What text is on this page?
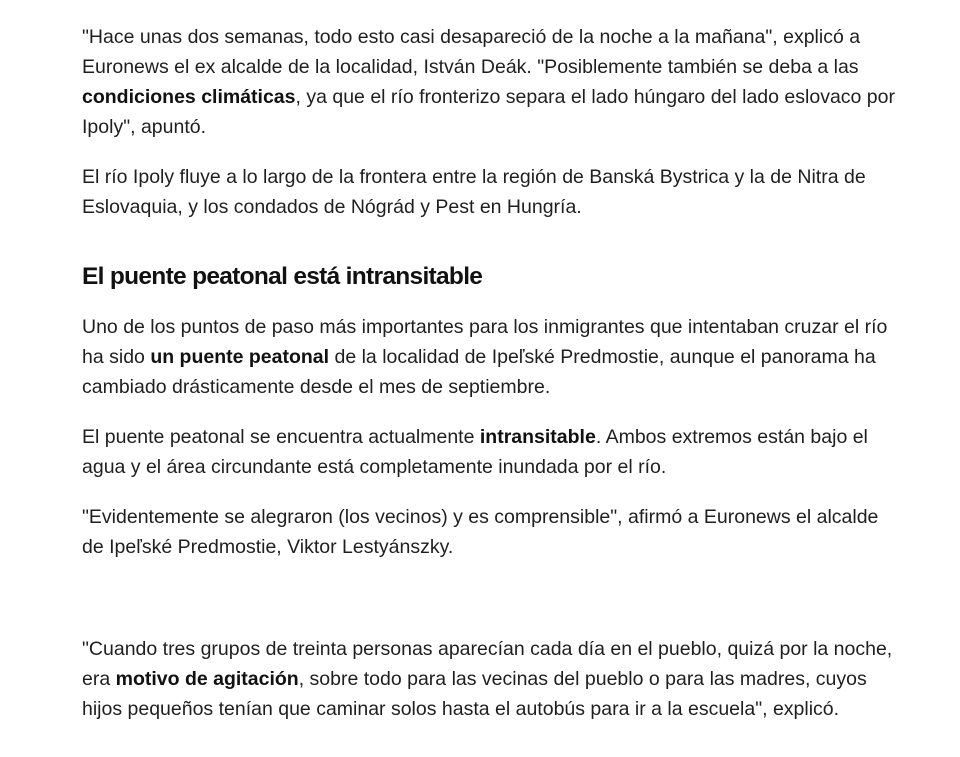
"Hace unas dos semanas, todo esto casi desapareció de la noche a la mañana", explicó a Euronews el ex alcalde de la localidad, István Deák. "Posiblemente también se deba a las condiciones climáticas, ya que el río fronterizo separa el lado húngaro del lado eslovaco por Ipoly", apuntó.

El río Ipoly fluye a lo largo de la frontera entre la región de Banská Bystrica y la de Nitra de Eslovaquia, y los condados de Nógrád y Pest en Hungría.

El puente peatonal está intransitable

Uno de los puntos de paso más importantes para los inmigrantes que intentaban cruzar el río ha sido un puente peatonal de la localidad de Ipeľské Predmostie, aunque el panorama ha cambiado drásticamente desde el mes de septiembre.

El puente peatonal se encuentra actualmente intransitable. Ambos extremos están bajo el agua y el área circundante está completamente inundada por el río.

"Evidentemente se alegraron (los vecinos) y es comprensible", afirmó a Euronews el alcalde de Ipeľské Predmostie, Viktor Lestyánszky.

"Cuando tres grupos de treinta personas aparecían cada día en el pueblo, quizá por la noche, era motivo de agitación, sobre todo para las vecinas del pueblo o para las madres, cuyos hijos pequeños tenían que caminar solos hasta el autobús para ir a la escuela", explicó.
